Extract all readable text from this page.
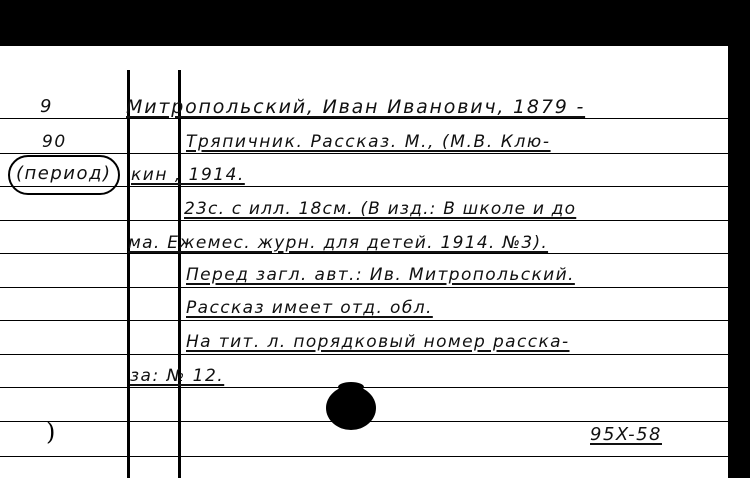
9
90
(период)
Митропольский, Иван Иванович, 1879 -
Тряпичник. Рассказ. М., (М.В. Клю-
кин , 1914.
23с. с илл. 18см. (В изд.: В школе и до
ма. Ежемес. журн. для детей. 1914. №3).
Перед загл. авт.: Ив. Митропольский.
Рассказ имеет отд. обл.
На тит. л. порядковый номер расска-
за: № 12.
)	95X-58
